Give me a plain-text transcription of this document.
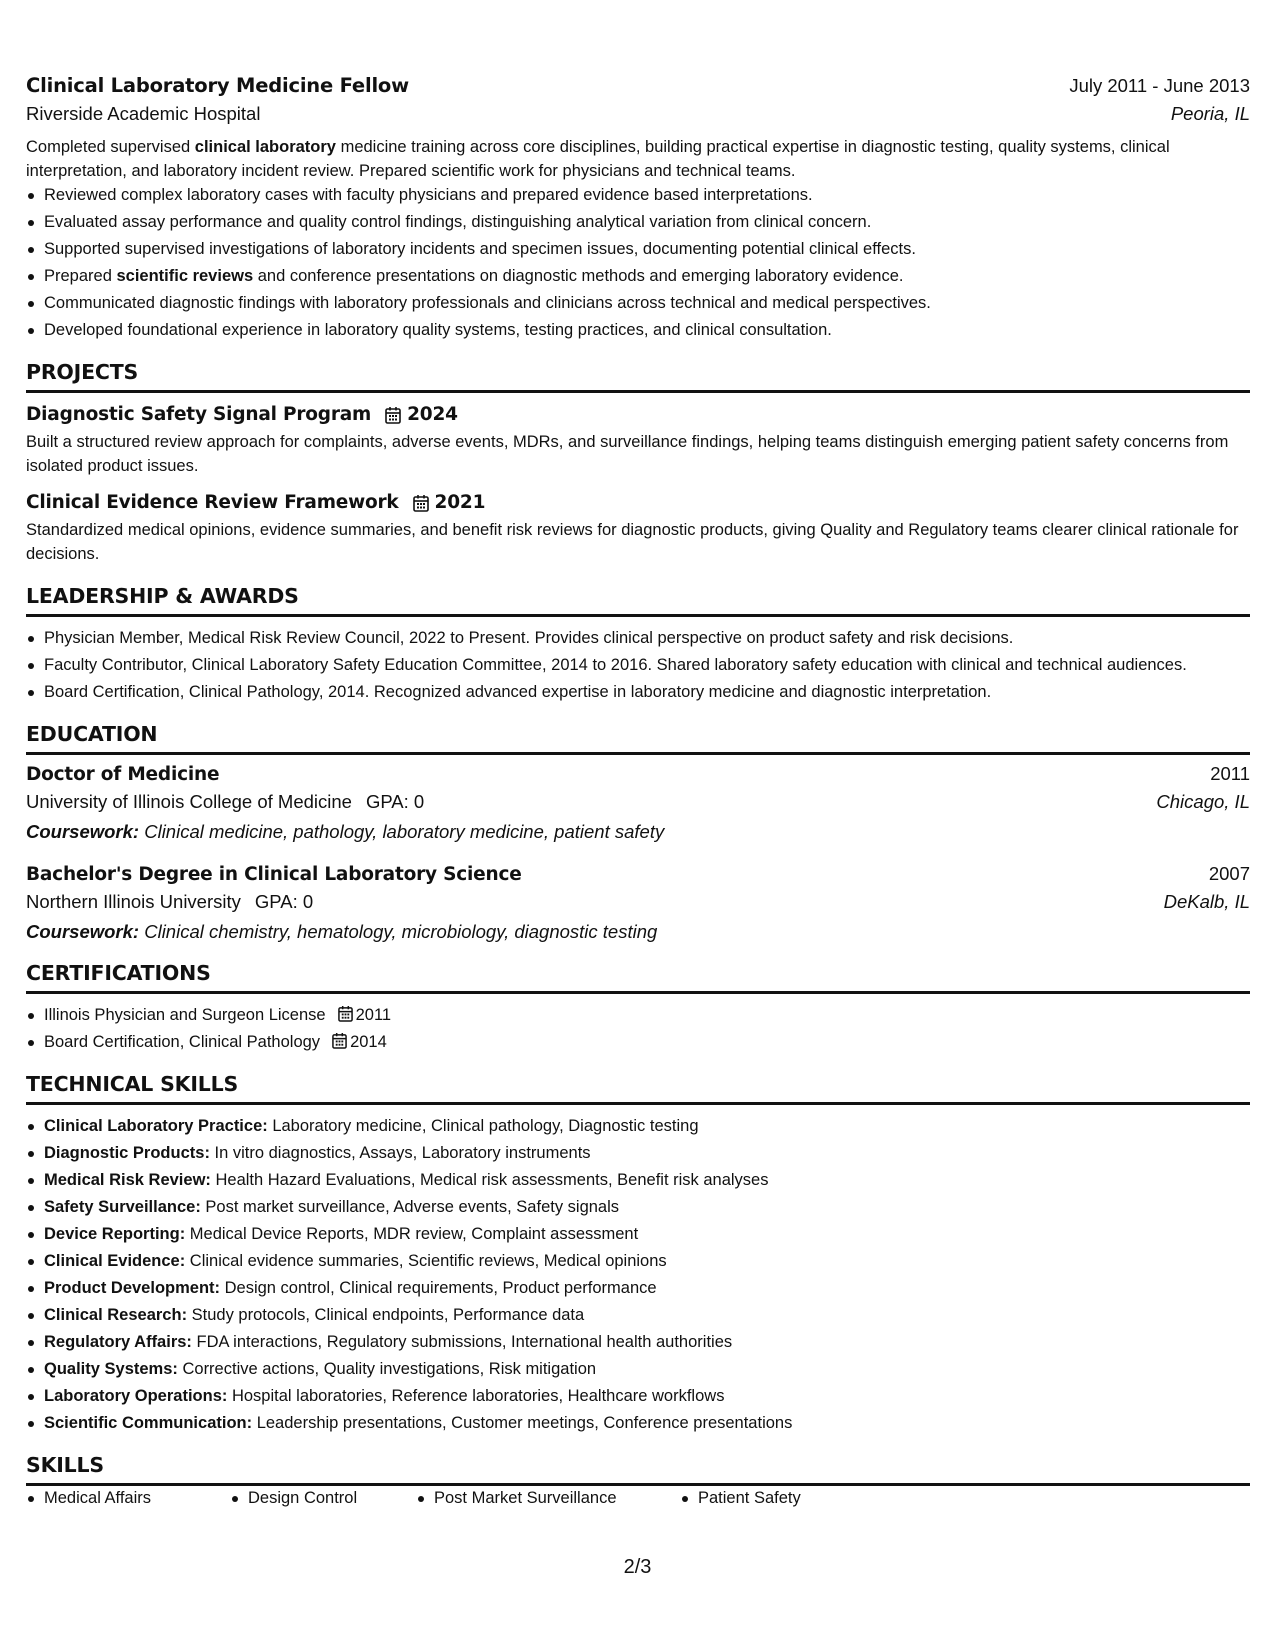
Clinical Laboratory Medicine Fellow	July 2011 - June 2013
Riverside Academic Hospital	Peoria, IL
Completed supervised clinical laboratory medicine training across core disciplines, building practical expertise in diagnostic testing, quality systems, clinical interpretation, and laboratory incident review. Prepared scientific work for physicians and technical teams.
Reviewed complex laboratory cases with faculty physicians and prepared evidence based interpretations.
Evaluated assay performance and quality control findings, distinguishing analytical variation from clinical concern.
Supported supervised investigations of laboratory incidents and specimen issues, documenting potential clinical effects.
Prepared scientific reviews and conference presentations on diagnostic methods and emerging laboratory evidence.
Communicated diagnostic findings with laboratory professionals and clinicians across technical and medical perspectives.
Developed foundational experience in laboratory quality systems, testing practices, and clinical consultation.
PROJECTS
Diagnostic Safety Signal Program 2024
Built a structured review approach for complaints, adverse events, MDRs, and surveillance findings, helping teams distinguish emerging patient safety concerns from isolated product issues.
Clinical Evidence Review Framework 2021
Standardized medical opinions, evidence summaries, and benefit risk reviews for diagnostic products, giving Quality and Regulatory teams clearer clinical rationale for decisions.
LEADERSHIP & AWARDS
Physician Member, Medical Risk Review Council, 2022 to Present. Provides clinical perspective on product safety and risk decisions.
Faculty Contributor, Clinical Laboratory Safety Education Committee, 2014 to 2016. Shared laboratory safety education with clinical and technical audiences.
Board Certification, Clinical Pathology, 2014. Recognized advanced expertise in laboratory medicine and diagnostic interpretation.
EDUCATION
Doctor of Medicine	2011
University of Illinois College of Medicine GPA: 0	Chicago, IL
Coursework: Clinical medicine, pathology, laboratory medicine, patient safety
Bachelor's Degree in Clinical Laboratory Science	2007
Northern Illinois University GPA: 0	DeKalb, IL
Coursework: Clinical chemistry, hematology, microbiology, diagnostic testing
CERTIFICATIONS
Illinois Physician and Surgeon License 2011
Board Certification, Clinical Pathology 2014
TECHNICAL SKILLS
Clinical Laboratory Practice: Laboratory medicine, Clinical pathology, Diagnostic testing
Diagnostic Products: In vitro diagnostics, Assays, Laboratory instruments
Medical Risk Review: Health Hazard Evaluations, Medical risk assessments, Benefit risk analyses
Safety Surveillance: Post market surveillance, Adverse events, Safety signals
Device Reporting: Medical Device Reports, MDR review, Complaint assessment
Clinical Evidence: Clinical evidence summaries, Scientific reviews, Medical opinions
Product Development: Design control, Clinical requirements, Product performance
Clinical Research: Study protocols, Clinical endpoints, Performance data
Regulatory Affairs: FDA interactions, Regulatory submissions, International health authorities
Quality Systems: Corrective actions, Quality investigations, Risk mitigation
Laboratory Operations: Hospital laboratories, Reference laboratories, Healthcare workflows
Scientific Communication: Leadership presentations, Customer meetings, Conference presentations
SKILLS
Medical Affairs	Design Control	Post Market Surveillance	Patient Safety
2/3
